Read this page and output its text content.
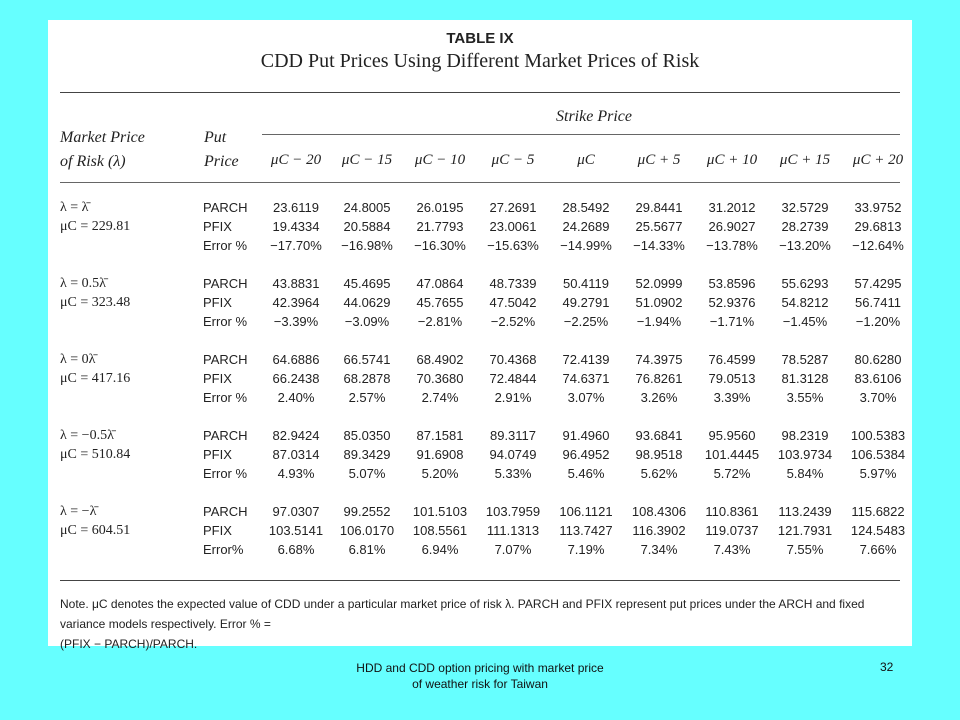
TABLE IX
CDD Put Prices Using Different Market Prices of Risk
Market Price
of Risk (λ)
Put
Price
Strike Price
μC − 20	μC − 15	μC − 10	μC − 5	μC	μC + 5	μC + 10	μC + 15	μC + 20
λ = λ̄
μC = 229.81
PARCH	23.6119	24.8005	26.0195	27.2691	28.5492	29.8441	31.2012	32.5729	33.9752
PFIX	19.4334	20.5884	21.7793	23.0061	24.2689	25.5677	26.9027	28.2739	29.6813
Error %	−17.70%	−16.98%	−16.30%	−15.63%	−14.99%	−14.33%	−13.78%	−13.20%	−12.64%
λ = 0.5λ̄
μC = 323.48
PARCH	43.8831	45.4695	47.0864	48.7339	50.4119	52.0999	53.8596	55.6293	57.4295
PFIX	42.3964	44.0629	45.7655	47.5042	49.2791	51.0902	52.9376	54.8212	56.7411
Error %	−3.39%	−3.09%	−2.81%	−2.52%	−2.25%	−1.94%	−1.71%	−1.45%	−1.20%
λ = 0λ̄
μC = 417.16
PARCH	64.6886	66.5741	68.4902	70.4368	72.4139	74.3975	76.4599	78.5287	80.6280
PFIX	66.2438	68.2878	70.3680	72.4844	74.6371	76.8261	79.0513	81.3128	83.6106
Error %	2.40%	2.57%	2.74%	2.91%	3.07%	3.26%	3.39%	3.55%	3.70%
λ = −0.5λ̄
μC = 510.84
PARCH	82.9424	85.0350	87.1581	89.3117	91.4960	93.6841	95.9560	98.2319	100.5383
PFIX	87.0314	89.3429	91.6908	94.0749	96.4952	98.9518	101.4445	103.9734	106.5384
Error %	4.93%	5.07%	5.20%	5.33%	5.46%	5.62%	5.72%	5.84%	5.97%
λ = −λ̄
μC = 604.51
PARCH	97.0307	99.2552	101.5103	103.7959	106.1121	108.4306	110.8361	113.2439	115.6822
PFIX	103.5141	106.0170	108.5561	111.1313	113.7427	116.3902	119.0737	121.7931	124.5483
Error%	6.68%	6.81%	6.94%	7.07%	7.19%	7.34%	7.43%	7.55%	7.66%
Note. μC denotes the expected value of CDD under a particular market price of risk λ. PARCH and PFIX represent put prices under the ARCH and fixed variance models respectively. Error % =
(PFIX − PARCH)/PARCH.
HDD and CDD option pricing with market price
of weather risk for Taiwan
32
